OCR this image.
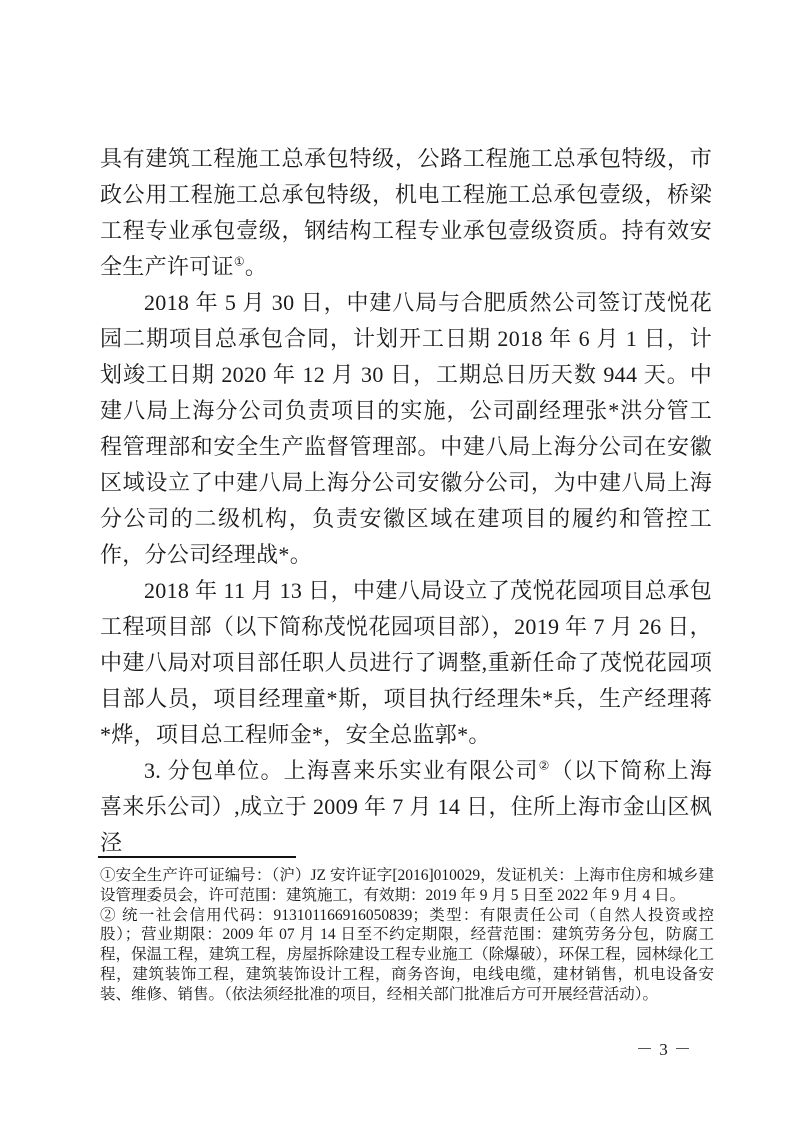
具有建筑工程施工总承包特级，公路工程施工总承包特级，市政公用工程施工总承包特级，机电工程施工总承包壹级，桥梁工程专业承包壹级，钢结构工程专业承包壹级资质。持有效安全生产许可证①。

2018 年 5 月 30 日，中建八局与合肥质然公司签订茂悦花园二期项目总承包合同，计划开工日期 2018 年 6 月 1 日，计划竣工日期 2020 年 12 月 30 日，工期总日历天数 944 天。中建八局上海分公司负责项目的实施，公司副经理张*洪分管工程管理部和安全生产监督管理部。中建八局上海分公司在安徽区域设立了中建八局上海分公司安徽分公司，为中建八局上海分公司的二级机构，负责安徽区域在建项目的履约和管控工作，分公司经理战*。

2018 年 11 月 13 日，中建八局设立了茂悦花园项目总承包工程项目部（以下简称茂悦花园项目部），2019 年 7 月 26 日，中建八局对项目部任职人员进行了调整,重新任命了茂悦花园项目部人员，项目经理童*斯，项目执行经理朱*兵，生产经理蒋*烨，项目总工程师金*，安全总监郭*。

3. 分包单位。上海喜来乐实业有限公司②（以下简称上海喜来乐公司）,成立于 2009 年 7 月 14 日，住所上海市金山区枫泾

①安全生产许可证编号：（沪）JZ 安许证字[2016]010029，发证机关：上海市住房和城乡建设管理委员会，许可范围：建筑施工，有效期：2019 年 9 月 5 日至 2022 年 9 月 4 日。

② 统一社会信用代码：913101166916050839；类型：有限责任公司（自然人投资或控股）；营业期限：2009 年 07 月 14 日至不约定期限，经营范围：建筑劳务分包，防腐工程，保温工程，建筑工程，房屋拆除建设工程专业施工（除爆破），环保工程，园林绿化工程，建筑装饰工程，建筑装饰设计工程，商务咨询，电线电缆，建材销售，机电设备安装、维修、销售。（依法须经批准的项目，经相关部门批准后方可开展经营活动）。

－ 3 －
